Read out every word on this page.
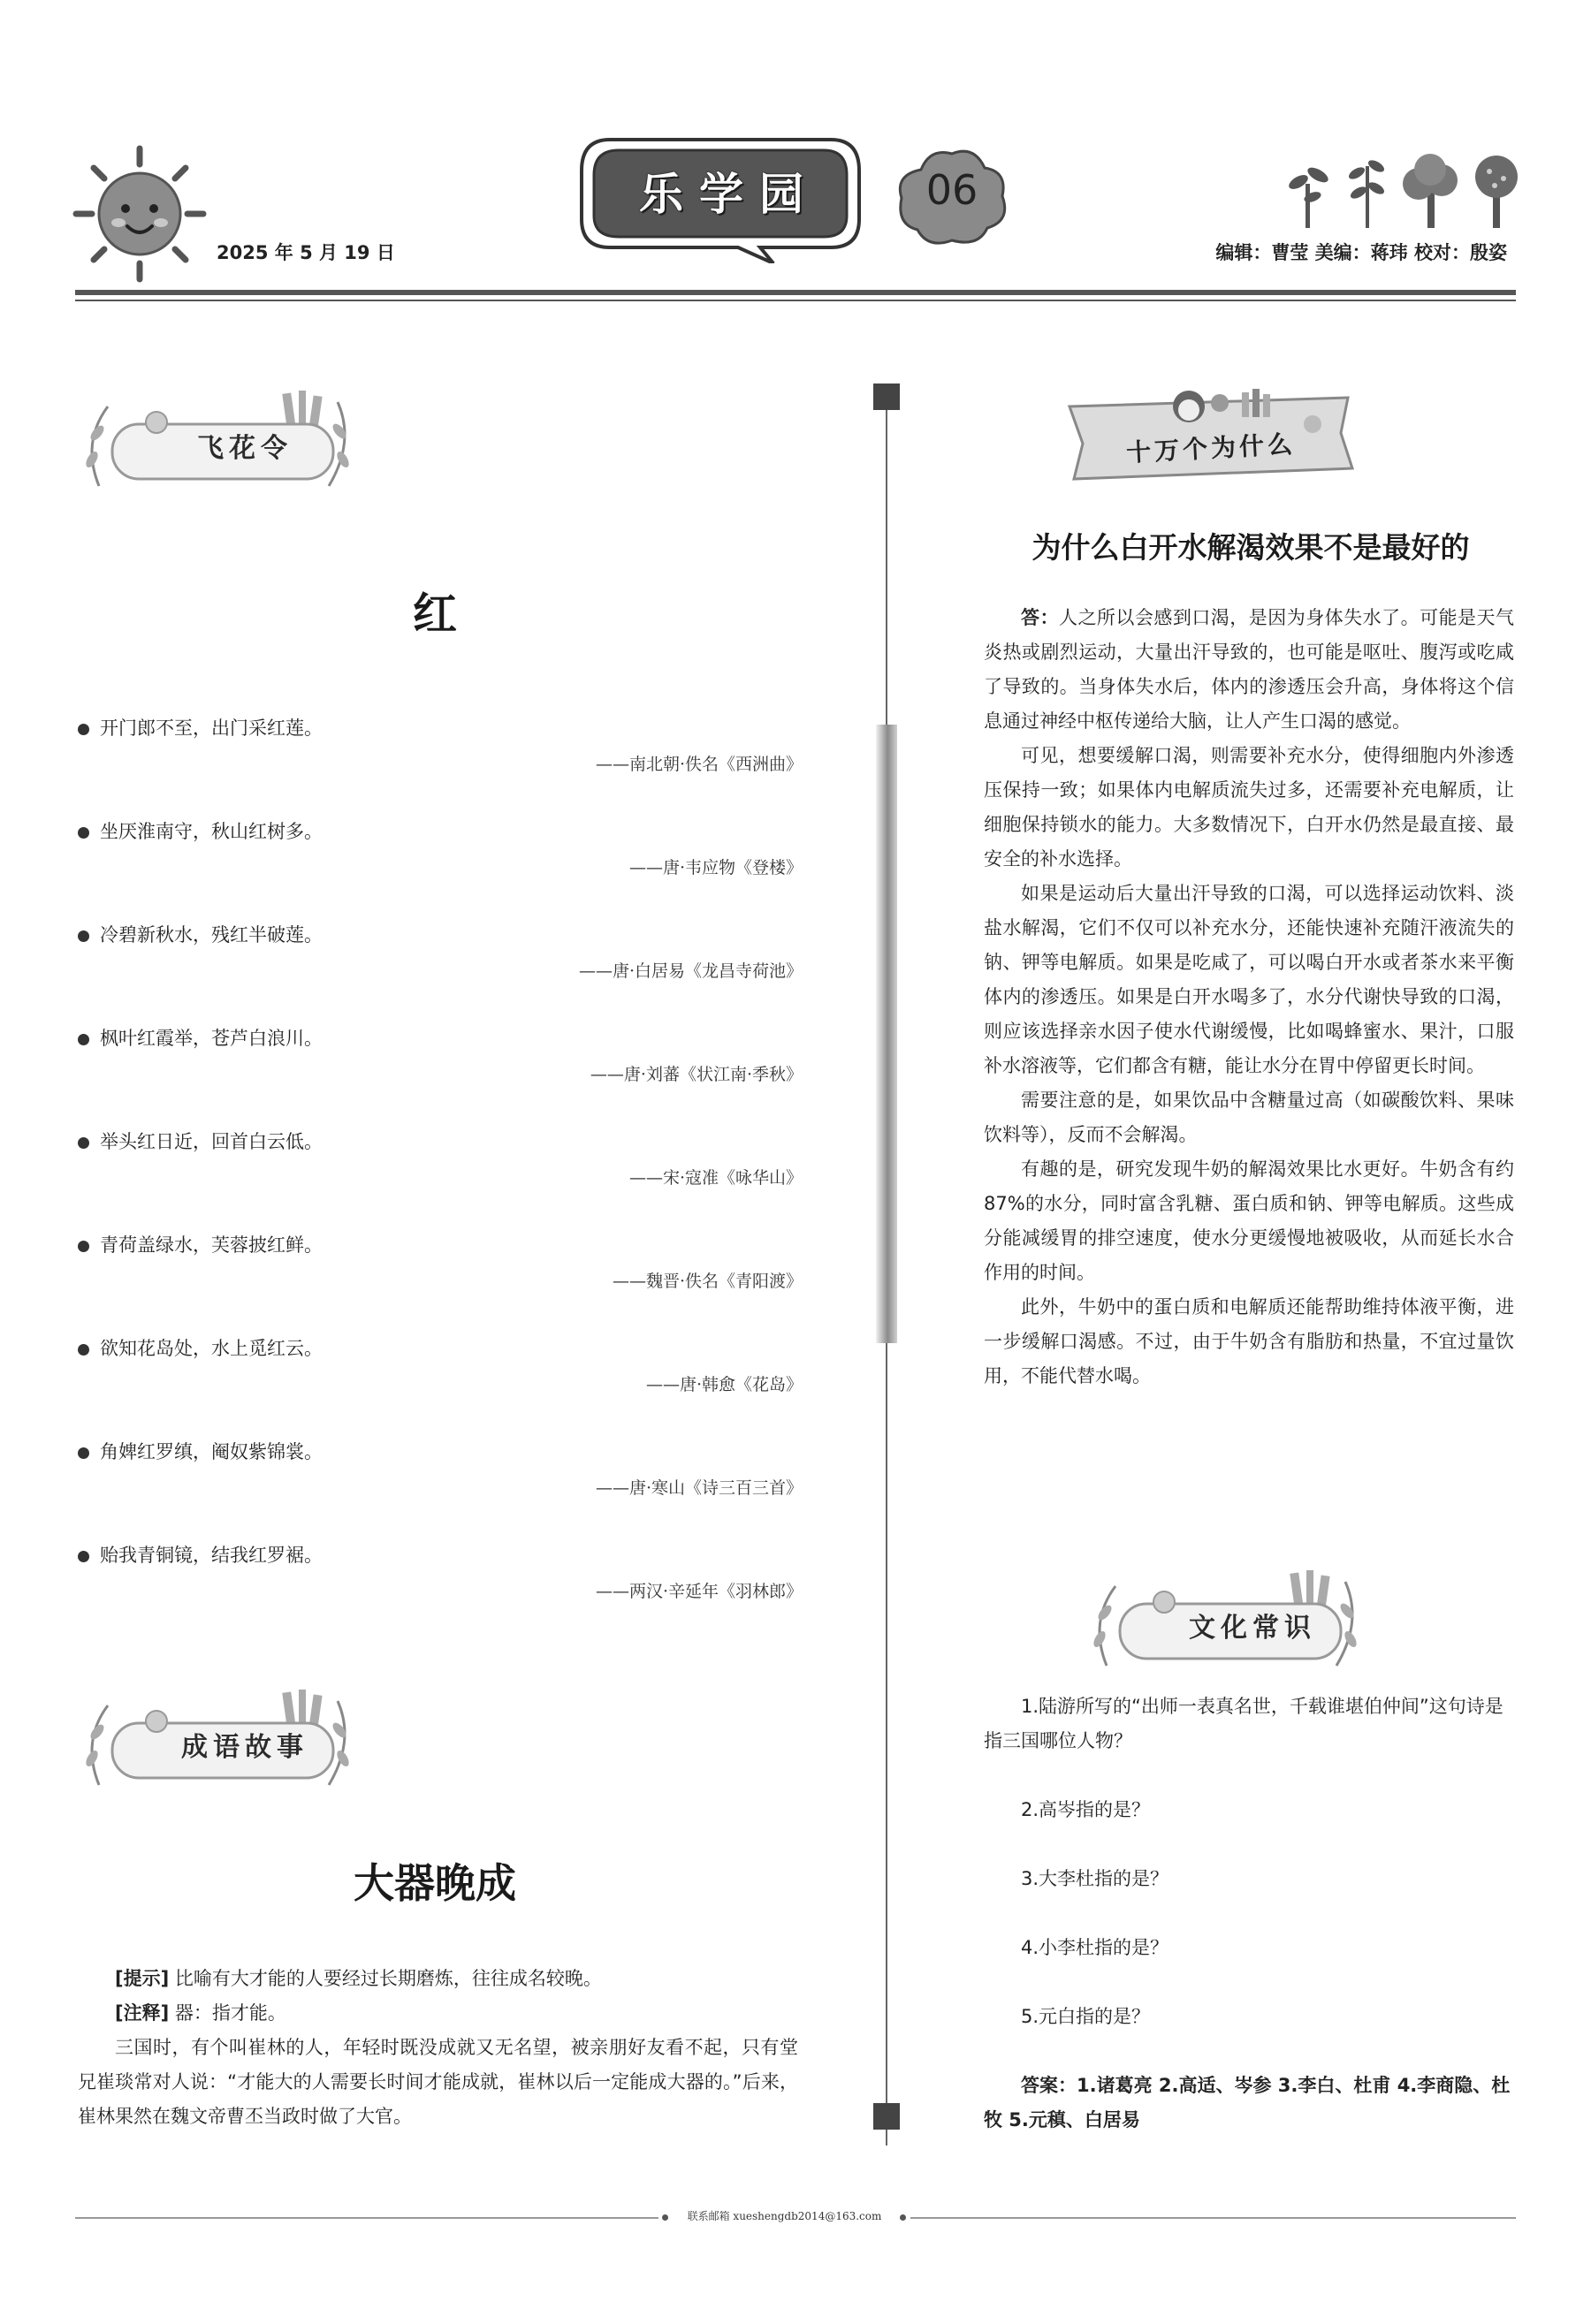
2025 年 5 月 19 日
乐学园	06
编辑：曹莹 美编：蒋玮 校对：殷姿
飞花令
红
开门郎不至，出门采红莲。
——南北朝·佚名《西洲曲》
坐厌淮南守，秋山红树多。
——唐·韦应物《登楼》
冷碧新秋水，残红半破莲。
——唐·白居易《龙昌寺荷池》
枫叶红霞举，苍芦白浪川。
——唐·刘蕃《状江南·季秋》
举头红日近，回首白云低。
——宋·寇准《咏华山》
青荷盖绿水，芙蓉披红鲜。
——魏晋·佚名《青阳渡》
欲知花岛处，水上觅红云。
——唐·韩愈《花岛》
角婢红罗缜，阉奴紫锦裳。
——唐·寒山《诗三百三首》
贻我青铜镜，结我红罗裾。
——两汉·辛延年《羽林郎》
成语故事
大器晚成

[提示] 比喻有大才能的人要经过长期磨炼，往往成名较晚。

[注释] 器：指才能。

三国时，有个叫崔林的人，年轻时既没成就又无名望，被亲朋好友看不起，只有堂兄崔琰常对人说：“才能大的人需要长时间才能成就，崔林以后一定能成大器的。”后来，崔林果然在魏文帝曹丕当政时做了大官。

十万个为什么
为什么白开水解渴效果不是最好的

答：人之所以会感到口渴，是因为身体失水了。可能是天气炎热或剧烈运动，大量出汗导致的，也可能是呕吐、腹泻或吃咸了导致的。当身体失水后，体内的渗透压会升高，身体将这个信息通过神经中枢传递给大脑，让人产生口渴的感觉。

可见，想要缓解口渴，则需要补充水分，使得细胞内外渗透压保持一致；如果体内电解质流失过多，还需要补充电解质，让细胞保持锁水的能力。大多数情况下，白开水仍然是最直接、最安全的补水选择。

如果是运动后大量出汗导致的口渴，可以选择运动饮料、淡盐水解渴，它们不仅可以补充水分，还能快速补充随汗液流失的钠、钾等电解质。如果是吃咸了，可以喝白开水或者茶水来平衡体内的渗透压。如果是白开水喝多了，水分代谢快导致的口渴，则应该选择亲水因子使水代谢缓慢，比如喝蜂蜜水、果汁，口服补水溶液等，它们都含有糖，能让水分在胃中停留更长时间。

需要注意的是，如果饮品中含糖量过高（如碳酸饮料、果味饮料等），反而不会解渴。

有趣的是，研究发现牛奶的解渴效果比水更好。牛奶含有约87%的水分，同时富含乳糖、蛋白质和钠、钾等电解质。这些成分能减缓胃的排空速度，使水分更缓慢地被吸收，从而延长水合作用的时间。

此外，牛奶中的蛋白质和电解质还能帮助维持体液平衡，进一步缓解口渴感。不过，由于牛奶含有脂肪和热量，不宜过量饮用，不能代替水喝。

文化常识

1.陆游所写的“出师一表真名世，千载谁堪伯仲间”这句诗是指三国哪位人物？

2.高岑指的是？

3.大李杜指的是？

4.小李杜指的是？

5.元白指的是？

答案：1.诸葛亮 2.高适、岑参 3.李白、杜甫 4.李商隐、杜牧 5.元稹、白居易

联系邮箱 xueshengdb2014@163.com
